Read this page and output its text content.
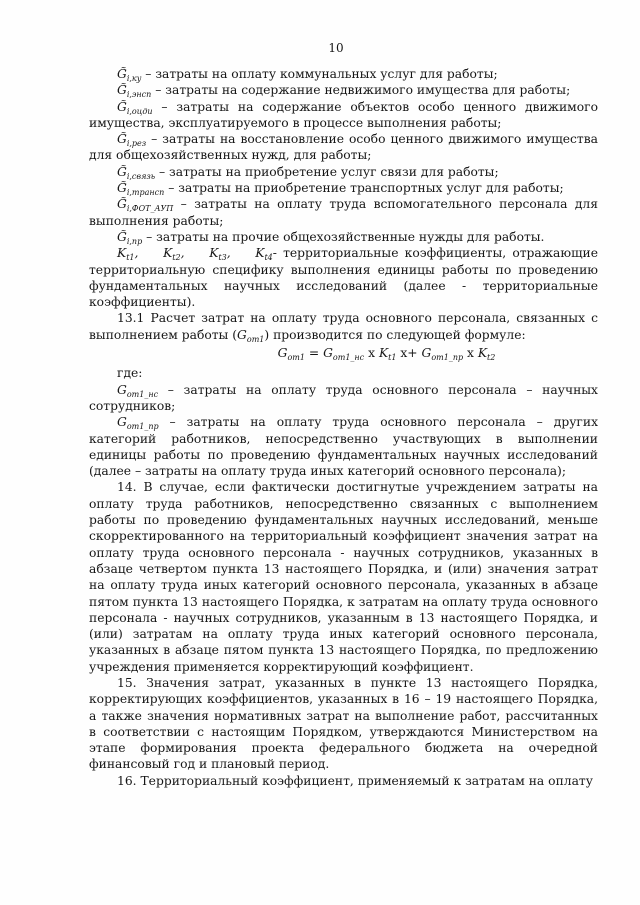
10

$G̃_{i,ку}$ – затраты на оплату коммунальных услуг для работы;

$G̃_{i,энсп}$ – затраты на содержание недвижимого имущества для работы;

$G̃_{i,оцди}$ – затраты на содержание объектов особо ценного движимого имущества, эксплуатируемого в процессе выполнения работы;

$G̃_{i,рез}$ – затраты на восстановление особо ценного движимого имущества для общехозяйственных нужд, для работы;

$G̃_{i,связь}$ – затраты на приобретение услуг связи для работы;

$G̃_{i,трансп}$ – затраты на приобретение транспортных услуг для работы;

$G̃_{i,ФОТ\_АУП}$ – затраты на оплату труда вспомогательного персонала для выполнения работы;

$G̃_{i,пр}$ – затраты на прочие общехозяйственные нужды для работы.

$K_{t1}$, $K_{t2}$, $K_{t3}$, $K_{t4}-$ территориальные коэффициенты, отражающие территориальную специфику выполнения единицы работы по проведению фундаментальных научных исследований (далее - территориальные коэффициенты).

13.1 Расчет затрат на оплату труда основного персонала, связанных с выполнением работы $(G_{от1})$ производится по следующей формуле:

$G_{от1} = G_{от1\_нс}$ x $K_{t1}$ $x+ G_{от1\_пр}$ x $K_{t2}$

где:

$G_{от1\_нс}$ – затраты на оплату труда основного персонала – научных сотрудников;

$G_{от1\_пр}$ – затраты на оплату труда основного персонала – других категорий работников, непосредственно участвующих в выполнении единицы работы по проведению фундаментальных научных исследований (далее – затраты на оплату труда иных категорий основного персонала);

14. В случае, если фактически достигнутые учреждением затраты на оплату труда работников, непосредственно связанных с выполнением работы по проведению фундаментальных научных исследований, меньше скорректированного на территориальный коэффициент значения затрат на оплату труда основного персонала - научных сотрудников, указанных в абзаце четвертом пункта 13 настоящего Порядка, и (или) значения затрат на оплату труда иных категорий основного персонала, указанных в абзаце пятом пункта 13 настоящего Порядка, к затратам на оплату труда основного персонала - научных сотрудников, указанным в 13 настоящего Порядка, и (или) затратам на оплату труда иных категорий основного персонала, указанных в абзаце пятом пункта 13 настоящего Порядка, по предложению учреждения применяется корректирующий коэффициент.

15. Значения затрат, указанных в пункте 13 настоящего Порядка, корректирующих коэффициентов, указанных в 16 – 19 настоящего Порядка, а также значения нормативных затрат на выполнение работ, рассчитанных в соответствии с настоящим Порядком, утверждаются Министерством на этапе формирования проекта федерального бюджета на очередной финансовый год и плановый период.

16. Территориальный коэффициент, применяемый к затратам на оплату
